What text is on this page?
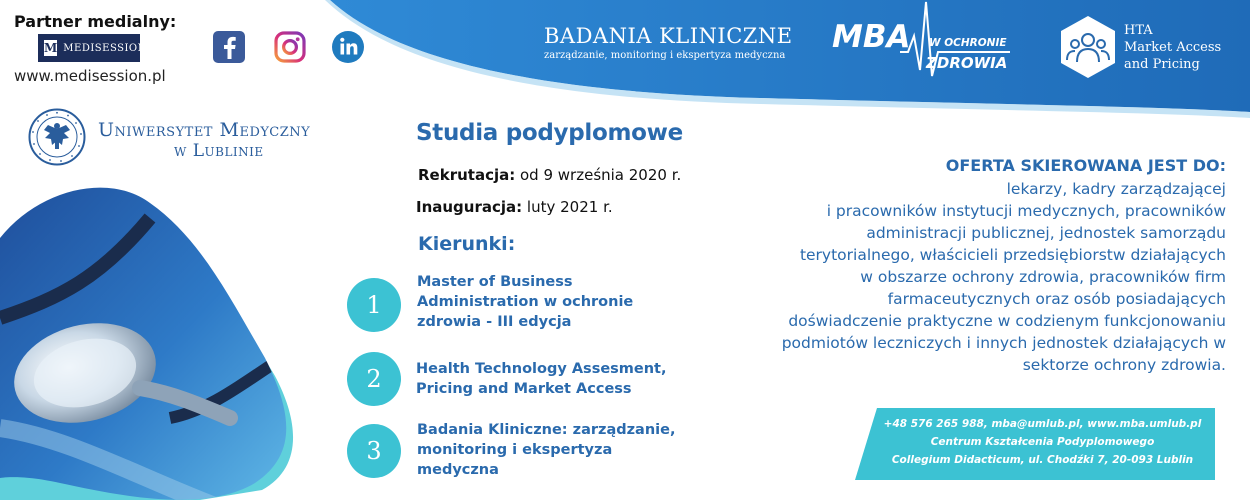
Partner medialny:
M MEDISESSION
www.medisession.pl
BADANIA KLINICZNE
zarządzanie, monitoring i ekspertyza medyczna
MBA W OCHRONIE
ZDROWIA
HTA
Market Access
and Pricing
Uniwersytet Medyczny
w Lublinie
Studia podyplomowe
Rekrutacja: od 9 września 2020 r.
Inauguracja: luty 2021 r.
Kierunki:
1
Master of Business Administration w ochronie zdrowia - III edycja
2	Health Technology Assesment, Pricing and Market Access
3
Badania Kliniczne: zarządzanie, monitoring i ekspertyza medyczna
OFERTA SKIEROWANA JEST DO:
lekarzy, kadry zarządzającej
i pracowników instytucji medycznych, pracowników
administracji publicznej, jednostek samorządu
terytorialnego, właścicieli przedsiębiorstw działających
w obszarze ochrony zdrowia, pracowników firm
farmaceutycznych oraz osób posiadających
doświadczenie praktyczne w codzienym funkcjonowaniu
podmiotów leczniczych i innych jednostek działających w
sektorze ochrony zdrowia.
+48 576 265 988, mba@umlub.pl, www.mba.umlub.pl
Centrum Kształcenia Podyplomowego
Collegium Didacticum, ul. Chodźki 7, 20-093 Lublin
